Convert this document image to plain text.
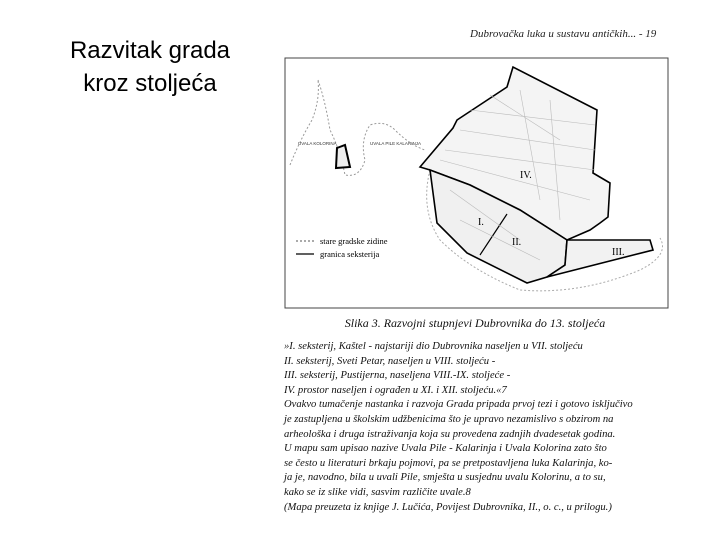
Razvitak grada
kroz stoljeća
Dubrovačka luka u sustavu antičkih... - 19
UVALA KOLORINA	UVALA PILE KALARINJA
I.
II.
III.
IV.
stare gradske zidine
granica seksterija
Slika 3. Razvojni stupnjevi Dubrovnika do 13. stoljeća
»I. seksterij, Kaštel - najstariji dio Dubrovnika naseljen u VII. stoljeću
II. seksterij, Sveti Petar, naseljen u VIII. stoljeću -
III. seksterij, Pustijerna, naseljena VIII.-IX. stoljeće -
IV. prostor naseljen i ograđen u XI. i XII. stoljeću.«7
Ovakvo tumačenje nastanka i razvoja Grada pripada prvoj tezi i gotovo isključivo
je zastupljena u školskim udžbenicima što je upravo nezamislivo s obzirom na
arheološka i druga istraživanja koja su provedena zadnjih dvadesetak godina.
U mapu sam upisao nazive Uvala Pile - Kalarinja i Uvala Kolorina zato što
se često u literaturi brkaju pojmovi, pa se pretpostavljena luka Kalarinja, ko-
ja je, navodno, bila u uvali Pile, smješta u susjednu uvalu Kolorinu, a to su,
kako se iz slike vidi, sasvim različite uvale.8
(Mapa preuzeta iz knjige J. Lučića, Povijest Dubrovnika, II., o. c., u prilogu.)
